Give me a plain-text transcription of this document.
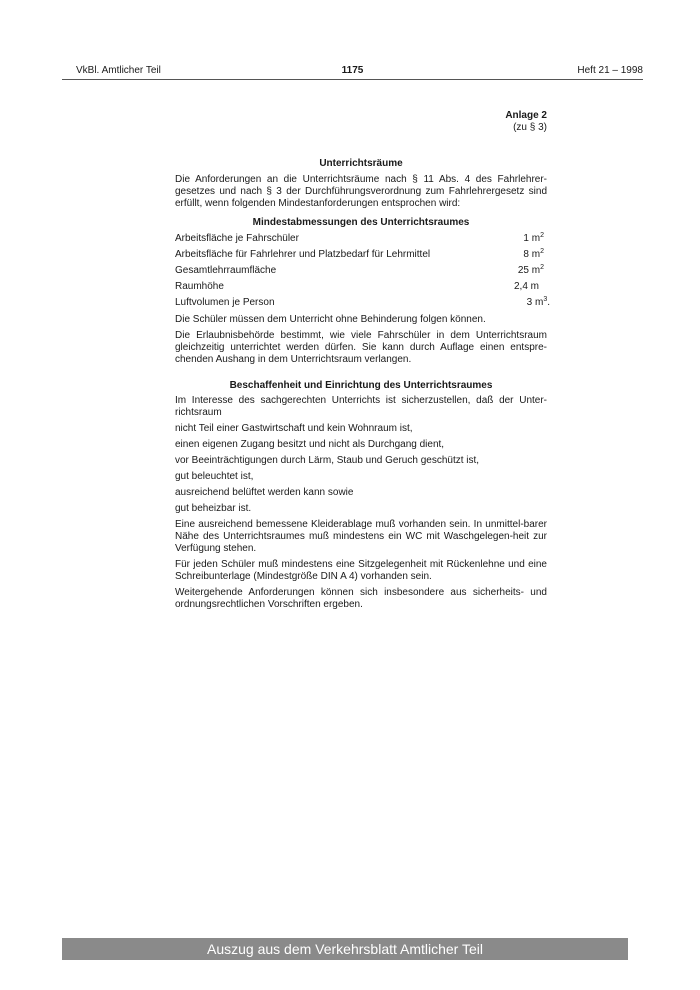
VkBl. Amtlicher Teil	1175	Heft 21 – 1998
Anlage 2
(zu § 3)
Unterrichtsräume
Die Anforderungen an die Unterrichtsräume nach § 11 Abs. 4 des Fahrlehrer-gesetzes und nach § 3 der Durchführungsverordnung zum Fahrlehrergesetz sind erfüllt, wenn folgenden Mindestanforderungen entsprochen wird:
Mindestabmessungen des Unterrichtsraumes
Arbeitsfläche je Fahrschüler	1 $m^2$
Arbeitsfläche für Fahrlehrer und Platzbedarf für Lehrmittel	8 $m^2$
Gesamtlehrraumfläche	25 $m^2$
Raumhöhe	2,4 m
Luftvolumen je Person	3 $m^3$.
Die Schüler müssen dem Unterricht ohne Behinderung folgen können.
Die Erlaubnisbehörde bestimmt, wie viele Fahrschüler in dem Unterrichtsraum gleichzeitig unterrichtet werden dürfen. Sie kann durch Auflage einen entspre-chenden Aushang in dem Unterrichtsraum verlangen.
Beschaffenheit und Einrichtung des Unterrichtsraumes
Im Interesse des sachgerechten Unterrichts ist sicherzustellen, daß der Unter-richtsraum
nicht Teil einer Gastwirtschaft und kein Wohnraum ist,
einen eigenen Zugang besitzt und nicht als Durchgang dient,
vor Beeinträchtigungen durch Lärm, Staub und Geruch geschützt ist,
gut beleuchtet ist,
ausreichend belüftet werden kann sowie
gut beheizbar ist.
Eine ausreichend bemessene Kleiderablage muß vorhanden sein. In unmittel-barer Nähe des Unterrichtsraumes muß mindestens ein WC mit Waschgelegen-heit zur Verfügung stehen.
Für jeden Schüler muß mindestens eine Sitzgelegenheit mit Rückenlehne und eine Schreibunterlage (Mindestgröße DIN A 4) vorhanden sein.
Weitergehende Anforderungen können sich insbesondere aus sicherheits- und ordnungsrechtlichen Vorschriften ergeben.
Auszug aus dem Verkehrsblatt Amtlicher Teil
